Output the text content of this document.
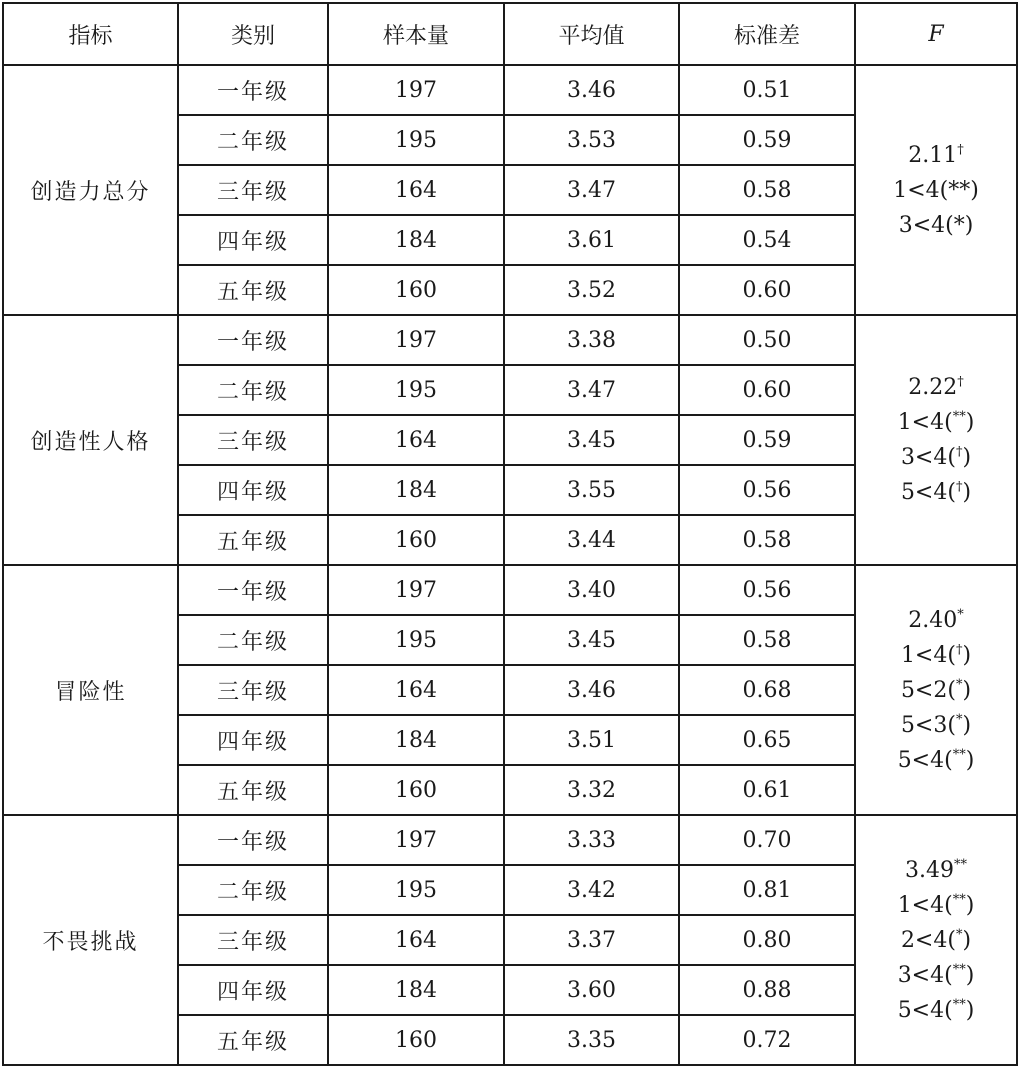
指标	类别	样本量	平均值	标准差	F
创造力总分	一年级	197	3.46	0.51	2.11†
1<4(**)
3<4(*)

	二年级	195	3.53	0.59	
	三年级	164	3.47	0.58	
	四年级	184	3.61	0.54	
	五年级	160	3.52	0.60	
创造性人格	一年级	197	3.38	0.50	2.22†
1<4(**)
3<4(†)
5<4(†)

	二年级	195	3.47	0.60	
	三年级	164	3.45	0.59	
	四年级	184	3.55	0.56	
	五年级	160	3.44	0.58	
冒险性	一年级	197	3.40	0.56	2.40*
1<4(†)
5<2(*)
5<3(*)
5<4(**)

	二年级	195	3.45	0.58	
	三年级	164	3.46	0.68	
	四年级	184	3.51	0.65	
	五年级	160	3.32	0.61	
不畏挑战	一年级	197	3.33	0.70	3.49**
1<4(**)
2<4(*)
3<4(**)
5<4(**)

	二年级	195	3.42	0.81	
	三年级	164	3.37	0.80	
	四年级	184	3.60	0.88	
	五年级	160	3.35	0.72	
